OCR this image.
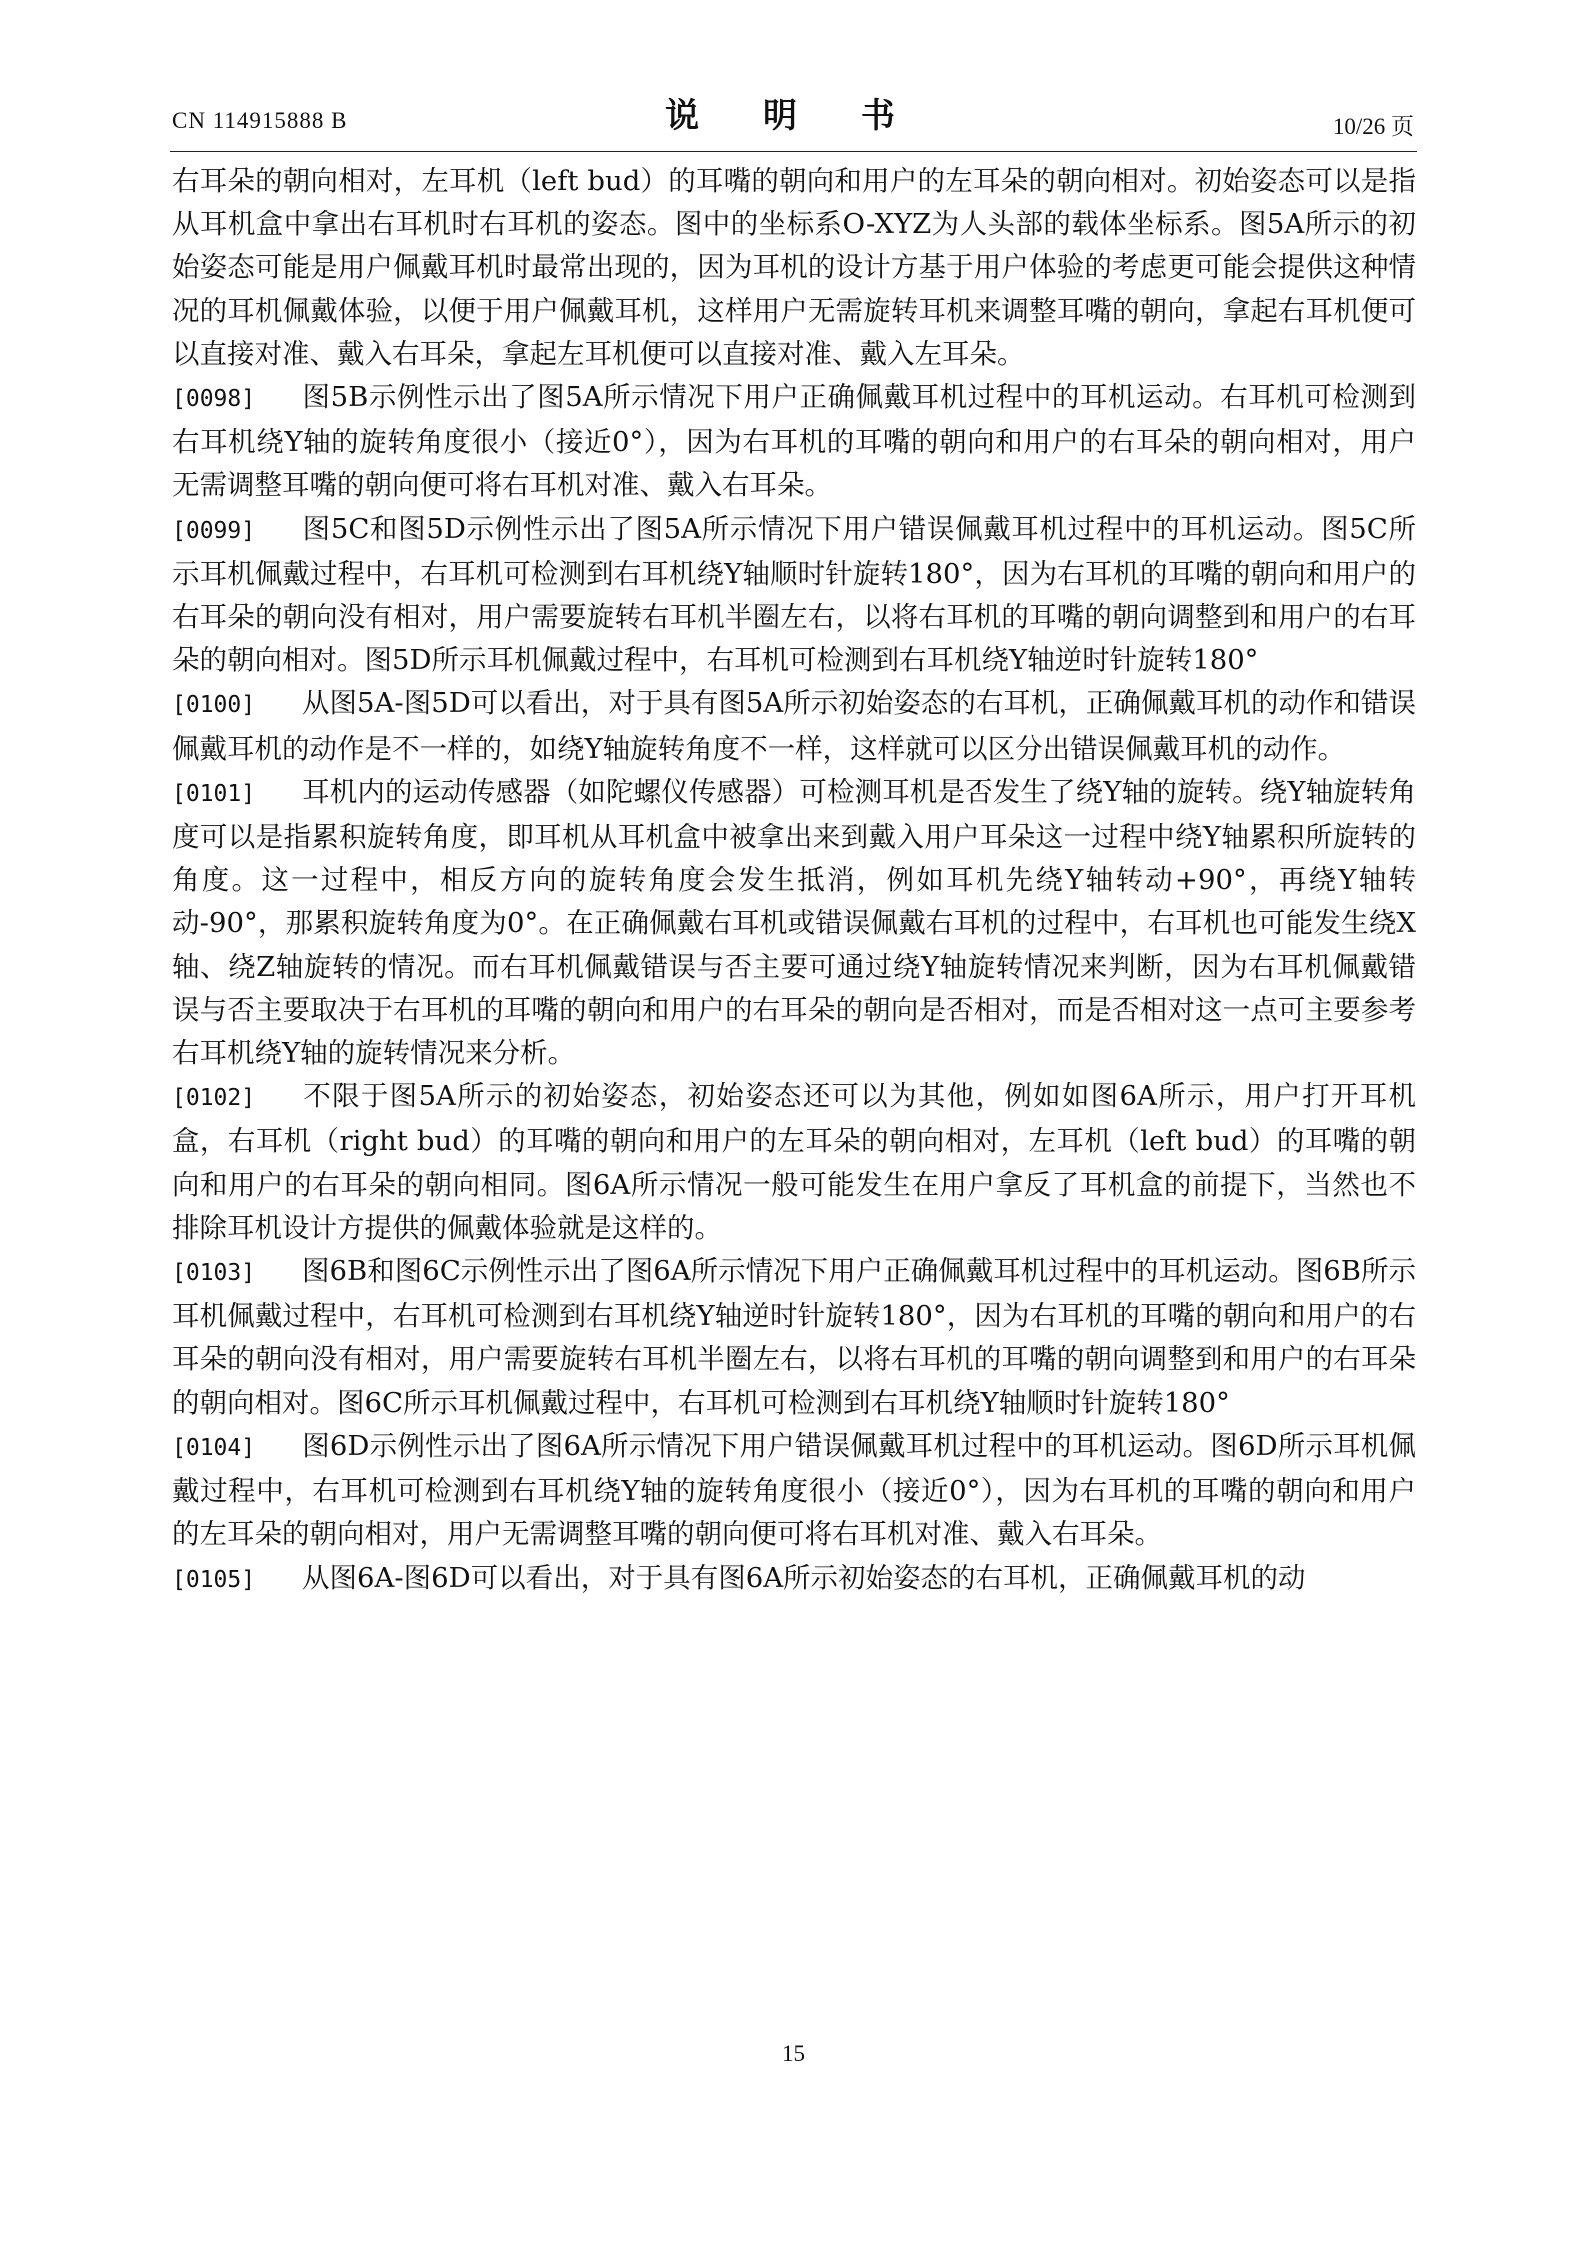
CN 114915888 B	说 明 书	10/26 页

右耳朵的朝向相对，左耳机（left bud）的耳嘴的朝向和用户的左耳朵的朝向相对。初始姿态可以是指从耳机盒中拿出右耳机时右耳机的姿态。图中的坐标系O-XYZ为人头部的载体坐标系。图5A所示的初始姿态可能是用户佩戴耳机时最常出现的，因为耳机的设计方基于用户体验的考虑更可能会提供这种情况的耳机佩戴体验，以便于用户佩戴耳机，这样用户无需旋转耳机来调整耳嘴的朝向，拿起右耳机便可以直接对准、戴入右耳朵，拿起左耳机便可以直接对准、戴入左耳朵。

[0098] 图5B示例性示出了图5A所示情况下用户正确佩戴耳机过程中的耳机运动。右耳机可检测到右耳机绕Y轴的旋转角度很小（接近0°），因为右耳机的耳嘴的朝向和用户的右耳朵的朝向相对，用户无需调整耳嘴的朝向便可将右耳机对准、戴入右耳朵。

[0099] 图5C和图5D示例性示出了图5A所示情况下用户错误佩戴耳机过程中的耳机运动。图5C所示耳机佩戴过程中，右耳机可检测到右耳机绕Y轴顺时针旋转180°，因为右耳机的耳嘴的朝向和用户的右耳朵的朝向没有相对，用户需要旋转右耳机半圈左右，以将右耳机的耳嘴的朝向调整到和用户的右耳朵的朝向相对。图5D所示耳机佩戴过程中，右耳机可检测到右耳机绕Y轴逆时针旋转180°

[0100] 从图5A-图5D可以看出，对于具有图5A所示初始姿态的右耳机，正确佩戴耳机的动作和错误佩戴耳机的动作是不一样的，如绕Y轴旋转角度不一样，这样就可以区分出错误佩戴耳机的动作。

[0101] 耳机内的运动传感器（如陀螺仪传感器）可检测耳机是否发生了绕Y轴的旋转。绕Y轴旋转角度可以是指累积旋转角度，即耳机从耳机盒中被拿出来到戴入用户耳朵这一过程中绕Y轴累积所旋转的角度。这一过程中，相反方向的旋转角度会发生抵消，例如耳机先绕Y轴转动+90°，再绕Y轴转动-90°，那累积旋转角度为0°。在正确佩戴右耳机或错误佩戴右耳机的过程中，右耳机也可能发生绕X轴、绕Z轴旋转的情况。而右耳机佩戴错误与否主要可通过绕Y轴旋转情况来判断，因为右耳机佩戴错误与否主要取决于右耳机的耳嘴的朝向和用户的右耳朵的朝向是否相对，而是否相对这一点可主要参考右耳机绕Y轴的旋转情况来分析。

[0102] 不限于图5A所示的初始姿态，初始姿态还可以为其他，例如如图6A所示，用户打开耳机盒，右耳机（right bud）的耳嘴的朝向和用户的左耳朵的朝向相对，左耳机（left bud）的耳嘴的朝向和用户的右耳朵的朝向相同。图6A所示情况一般可能发生在用户拿反了耳机盒的前提下，当然也不排除耳机设计方提供的佩戴体验就是这样的。

[0103] 图6B和图6C示例性示出了图6A所示情况下用户正确佩戴耳机过程中的耳机运动。图6B所示耳机佩戴过程中，右耳机可检测到右耳机绕Y轴逆时针旋转180°，因为右耳机的耳嘴的朝向和用户的右耳朵的朝向没有相对，用户需要旋转右耳机半圈左右，以将右耳机的耳嘴的朝向调整到和用户的右耳朵的朝向相对。图6C所示耳机佩戴过程中，右耳机可检测到右耳机绕Y轴顺时针旋转180°

[0104] 图6D示例性示出了图6A所示情况下用户错误佩戴耳机过程中的耳机运动。图6D所示耳机佩戴过程中，右耳机可检测到右耳机绕Y轴的旋转角度很小（接近0°），因为右耳机的耳嘴的朝向和用户的左耳朵的朝向相对，用户无需调整耳嘴的朝向便可将右耳机对准、戴入右耳朵。

[0105] 从图6A-图6D可以看出，对于具有图6A所示初始姿态的右耳机，正确佩戴耳机的动

15
